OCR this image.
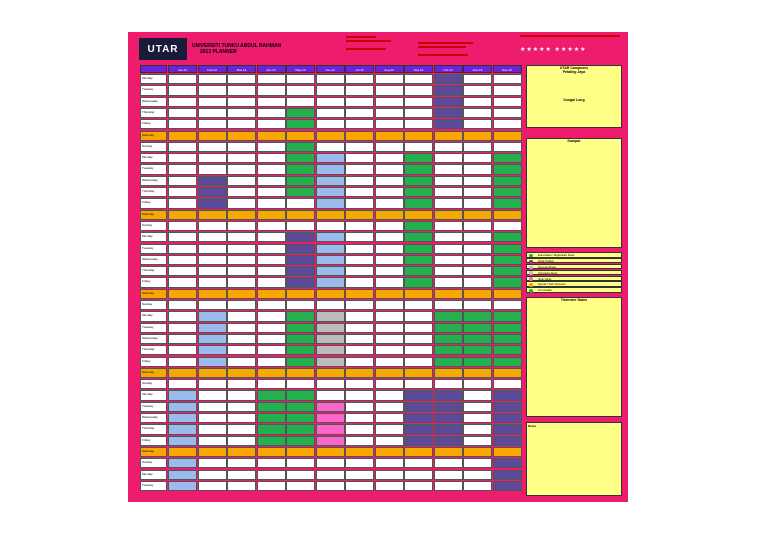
UTAR	UNIVERSITI TUNKU ABDUL RAHMAN
2013 PLANNER	★★★★★ ★★★★★
Jan-13	Feb-13	Mar-13	Apr-13	May-13	Jun-13	Jul-13	Aug-13	Sep-13	Oct-13	Nov-13	Dec-13
Monday
Tuesday
Wednesday
Thursday
Friday
Saturday
Sunday
Monday
Tuesday
Wednesday
Thursday
Friday
Saturday
Sunday
Monday
Tuesday
Wednesday
Thursday
Friday
Saturday
Sunday
Monday
Tuesday
Wednesday
Thursday
Friday
Saturday
Sunday
Monday
Tuesday
Wednesday
Thursday
Friday
Saturday
Sunday
Monday
Tuesday
UTAR Campuses
Petaling Jaya
Sungai Long
Kampar
Examination / Registration Week
Public Holiday
Semester Break
Orientation Week
Study Week
Special / Short Semester
Convocation
Trimester Dates
Notes
